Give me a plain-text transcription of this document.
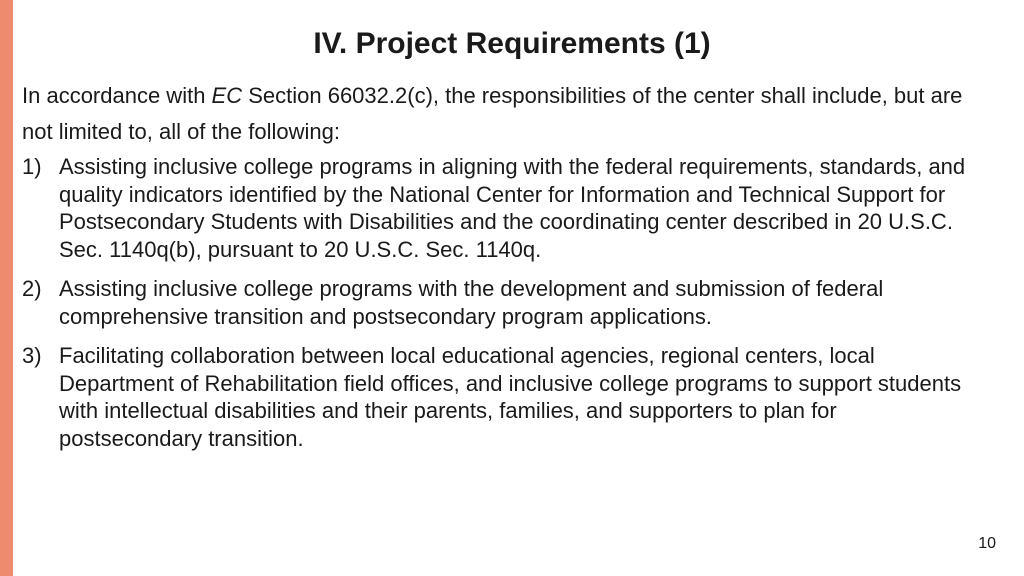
IV. Project Requirements (1)
In accordance with EC Section 66032.2(c), the responsibilities of the center shall include, but are not limited to, all of the following:
1) Assisting inclusive college programs in aligning with the federal requirements, standards, and quality indicators identified by the National Center for Information and Technical Support for Postsecondary Students with Disabilities and the coordinating center described in 20 U.S.C. Sec. 1140q(b), pursuant to 20 U.S.C. Sec. 1140q.
2) Assisting inclusive college programs with the development and submission of federal comprehensive transition and postsecondary program applications.
3) Facilitating collaboration between local educational agencies, regional centers, local Department of Rehabilitation field offices, and inclusive college programs to support students with intellectual disabilities and their parents, families, and supporters to plan for postsecondary transition.
10
